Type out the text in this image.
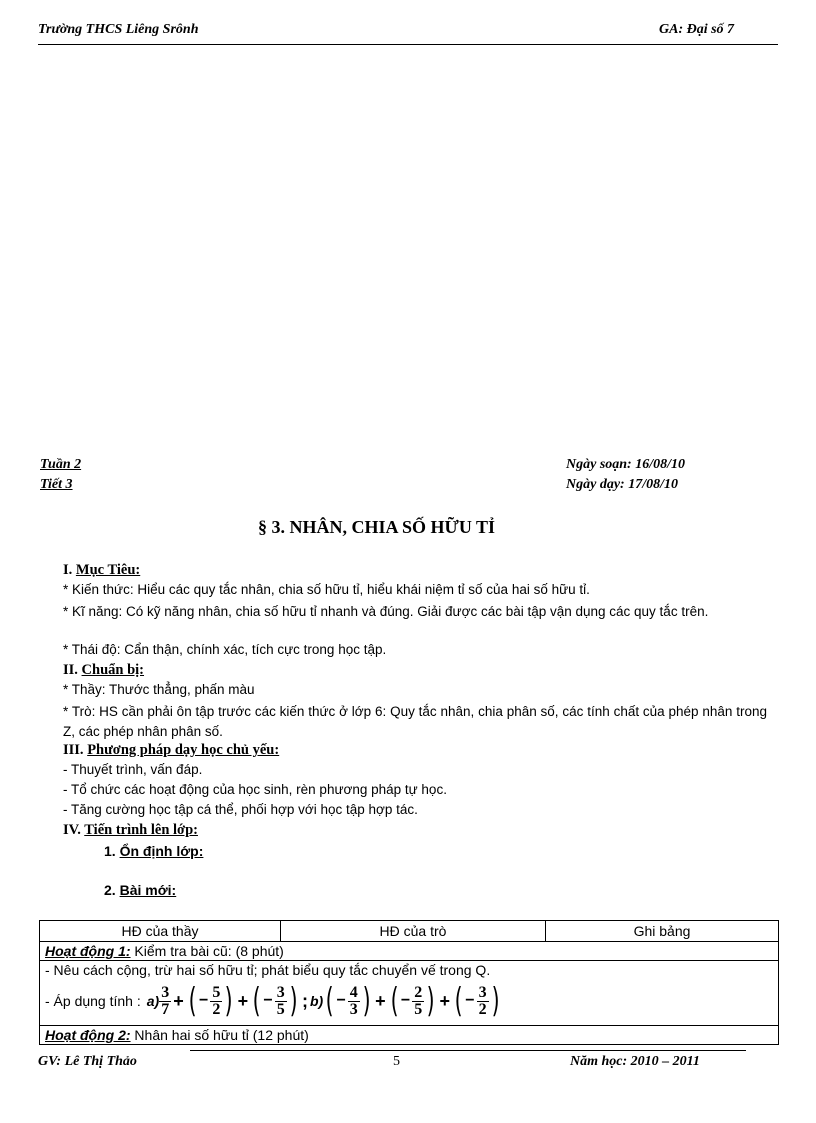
Trường THCS Liêng Srônh	GA: Đại số 7
Tuần 2
Tiết 3
Ngày soạn: 16/08/10
Ngày dạy: 17/08/10
§ 3. NHÂN, CHIA SỐ HỮU TỈ
I. Mục Tiêu:
* Kiến thức: Hiểu các quy tắc nhân, chia số hữu tỉ, hiểu khái niệm tỉ số của hai số hữu tỉ.
* Kĩ năng: Có kỹ năng nhân, chia số hữu tỉ nhanh và đúng. Giải được các bài tập vận dụng các quy tắc trên.
* Thái độ: Cẩn thận, chính xác, tích cực trong học tập.
II. Chuẩn bị:
* Thầy: Thước thẳng, phấn màu
* Trò: HS cần phải ôn tập trước các kiến thức ở lớp 6: Quy tắc nhân, chia phân số, các tính chất của phép nhân trong Z, các phép nhân phân số.
III. Phương pháp dạy học chủ yếu:
- Thuyết trình, vấn đáp.
- Tổ chức các hoạt động của học sinh, rèn phương pháp tự học.
- Tăng cường học tập cá thể, phối hợp với học tập hợp tác.
IV. Tiến trình lên lớp:
1. Ổn định lớp:
2. Bài mới:
HĐ của thầy	HĐ của trò	Ghi bảng
Hoạt động 1: Kiểm tra bài cũ: (8 phút)

- Nêu cách cộng, trừ hai số hữu tỉ; phát biểu quy tắc chuyển vế trong Q.
- Áp dụng tính : $a) \frac{3}{7}$ + ( − $\frac{5}{2}$ ) + ( − $\frac{3}{5}$ ) ; b) ( − $\frac{4}{3}$ ) + ( − $\frac{2}{5}$ ) + ( − $\frac{3}{2}$ )

Hoạt động 2: Nhân hai số hữu tỉ (12 phút)
GV: Lê Thị Thảo	5	Năm học: 2010 – 2011
